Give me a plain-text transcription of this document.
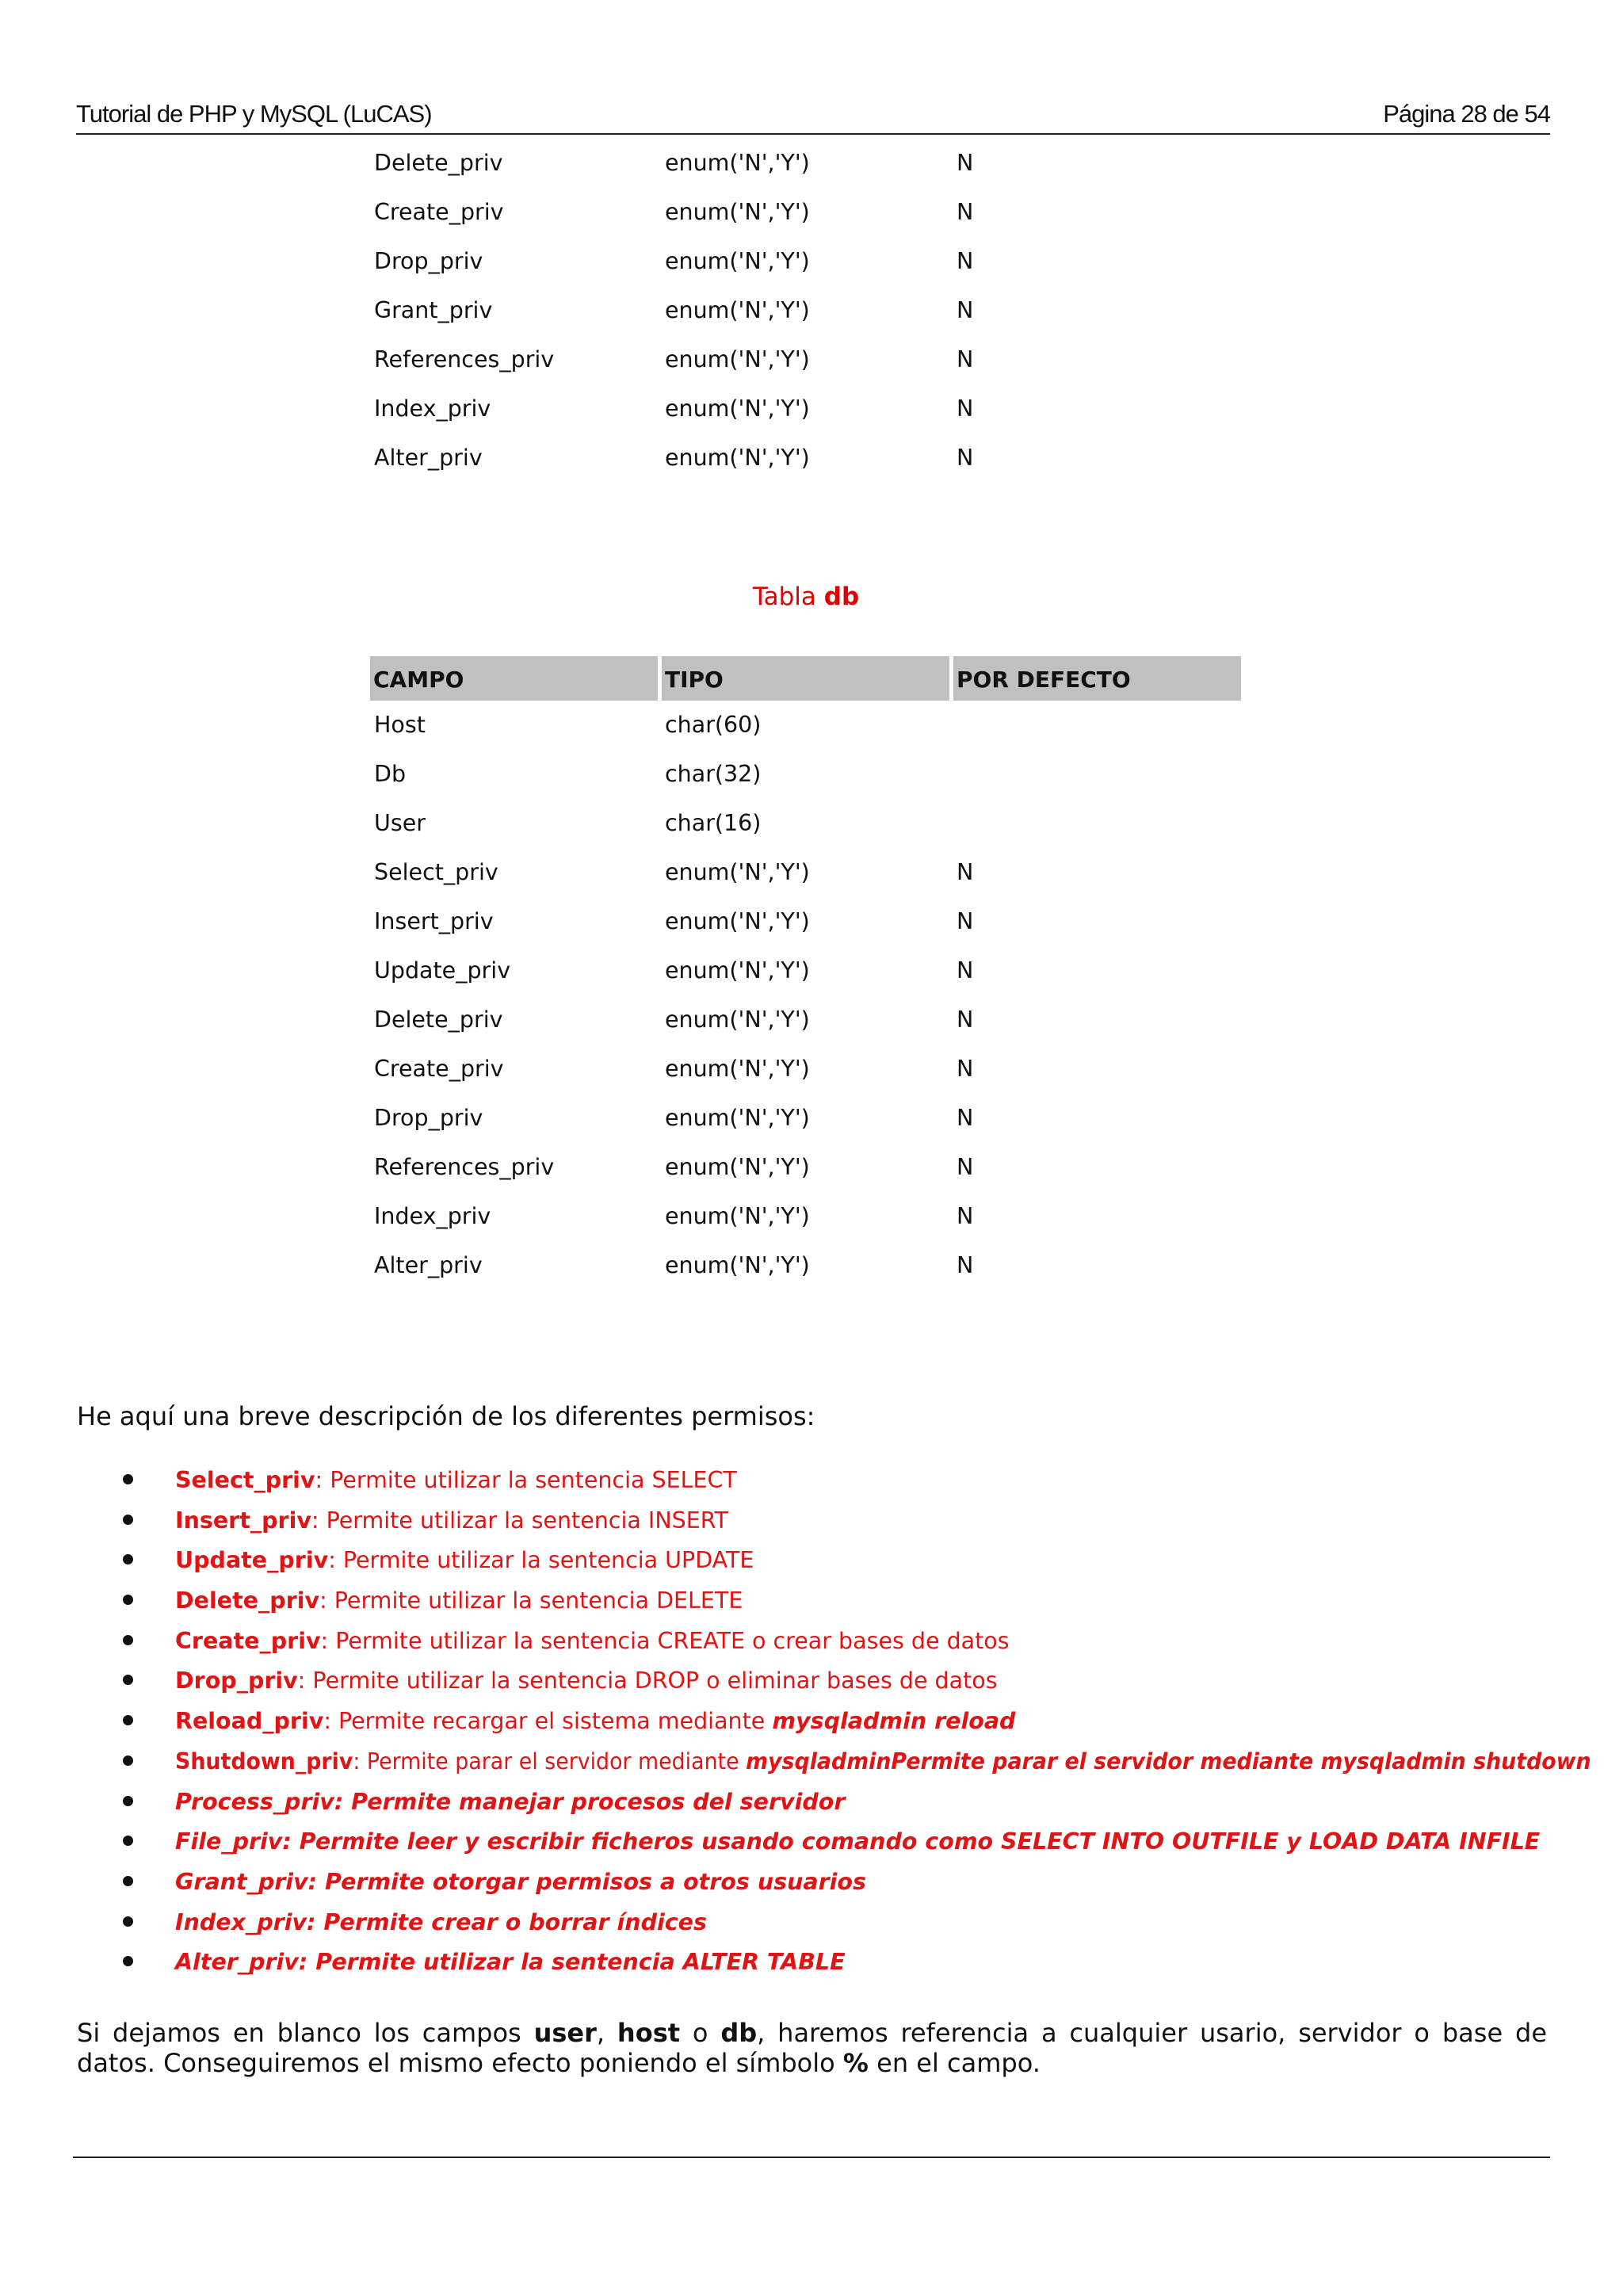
Tutorial de PHP y MySQL (LuCAS)	Página 28 de 54
Delete_priv	enum('N','Y')	N
Create_priv	enum('N','Y')	N
Drop_priv	enum('N','Y')	N
Grant_priv	enum('N','Y')	N
References_priv	enum('N','Y')	N
Index_priv	enum('N','Y')	N
Alter_priv	enum('N','Y')	N
Tabla db
CAMPO	TIPO	POR DEFECTO
Host	char(60)
Db	char(32)
User	char(16)
Select_priv	enum('N','Y')	N
Insert_priv	enum('N','Y')	N
Update_priv	enum('N','Y')	N
Delete_priv	enum('N','Y')	N
Create_priv	enum('N','Y')	N
Drop_priv	enum('N','Y')	N
References_priv	enum('N','Y')	N
Index_priv	enum('N','Y')	N
Alter_priv	enum('N','Y')	N
He aquí una breve descripción de los diferentes permisos:
Select_priv: Permite utilizar la sentencia SELECT
Insert_priv: Permite utilizar la sentencia INSERT
Update_priv: Permite utilizar la sentencia UPDATE
Delete_priv: Permite utilizar la sentencia DELETE
Create_priv: Permite utilizar la sentencia CREATE o crear bases de datos
Drop_priv: Permite utilizar la sentencia DROP o eliminar bases de datos
Reload_priv: Permite recargar el sistema mediante mysqladmin reload
Shutdown_priv: Permite parar el servidor mediante mysqladminPermite parar el servidor mediante mysqladmin shutdown
Process_priv: Permite manejar procesos del servidor
File_priv: Permite leer y escribir ficheros usando comando como SELECT INTO OUTFILE y LOAD DATA INFILE
Grant_priv: Permite otorgar permisos a otros usuarios
Index_priv: Permite crear o borrar índices
Alter_priv: Permite utilizar la sentencia ALTER TABLE
Si dejamos en blanco los campos user, host o db, haremos referencia a cualquier usario, servidor o base de datos. Conseguiremos el mismo efecto poniendo el símbolo % en el campo.
